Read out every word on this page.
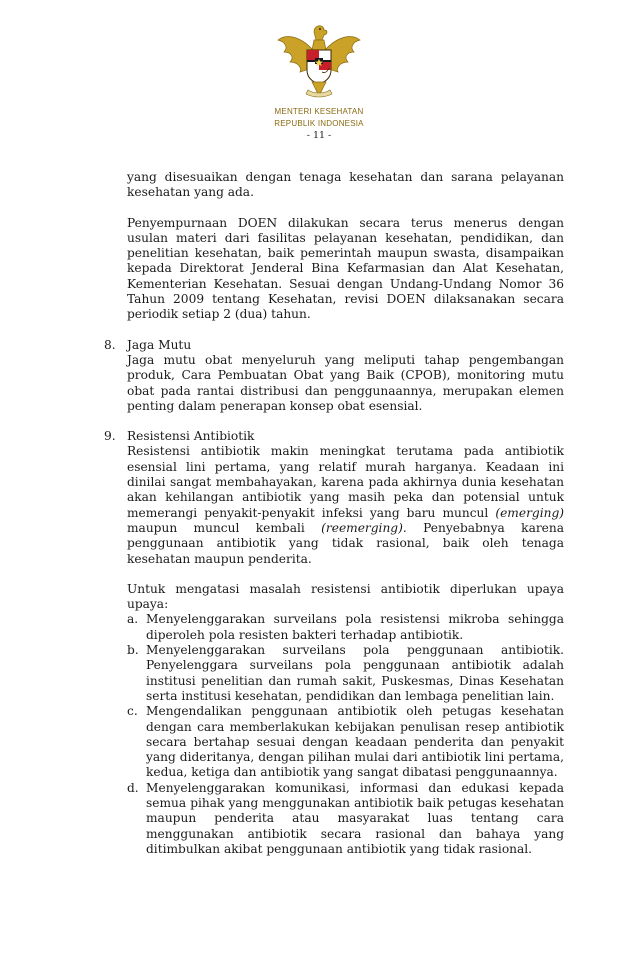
MENTERI KESEHATAN
REPUBLIK INDONESIA
- 11 -

yang disesuaikan dengan tenaga kesehatan dan sarana pelayanan kesehatan yang ada.

Penyempurnaan DOEN dilakukan secara terus menerus dengan usulan materi dari fasilitas pelayanan kesehatan, pendidikan, dan penelitian kesehatan, baik pemerintah maupun swasta, disampaikan kepada Direktorat Jenderal Bina Kefarmasian dan Alat Kesehatan, Kementerian Kesehatan. Sesuai dengan Undang-Undang Nomor 36 Tahun 2009 tentang Kesehatan, revisi DOEN dilaksanakan secara periodik setiap 2 (dua) tahun.

8. Jaga Mutu

Jaga mutu obat menyeluruh yang meliputi tahap pengembangan produk, Cara Pembuatan Obat yang Baik (CPOB), monitoring mutu obat pada rantai distribusi dan penggunaannya, merupakan elemen penting dalam penerapan konsep obat esensial.

9. Resistensi Antibiotik

Resistensi antibiotik makin meningkat terutama pada antibiotik esensial lini pertama, yang relatif murah harganya. Keadaan ini dinilai sangat membahayakan, karena pada akhirnya dunia kesehatan akan kehilangan antibiotik yang masih peka dan potensial untuk memerangi penyakit-penyakit infeksi yang baru muncul (emerging) maupun muncul kembali (reemerging). Penyebabnya karena penggunaan antibiotik yang tidak rasional, baik oleh tenaga kesehatan maupun penderita.

Untuk mengatasi masalah resistensi antibiotik diperlukan upaya upaya:

a. Menyelenggarakan surveilans pola resistensi mikroba sehingga diperoleh pola resisten bakteri terhadap antibiotik.

b. Menyelenggarakan surveilans pola penggunaan antibiotik. Penyelenggara surveilans pola penggunaan antibiotik adalah institusi penelitian dan rumah sakit, Puskesmas, Dinas Kesehatan serta institusi kesehatan, pendidikan dan lembaga penelitian lain.

c. Mengendalikan penggunaan antibiotik oleh petugas kesehatan dengan cara memberlakukan kebijakan penulisan resep antibiotik secara bertahap sesuai dengan keadaan penderita dan penyakit yang dideritanya, dengan pilihan mulai dari antibiotik lini pertama, kedua, ketiga dan antibiotik yang sangat dibatasi penggunaannya.

d. Menyelenggarakan komunikasi, informasi dan edukasi kepada semua pihak yang menggunakan antibiotik baik petugas kesehatan maupun penderita atau masyarakat luas tentang cara menggunakan antibiotik secara rasional dan bahaya yang ditimbulkan akibat penggunaan antibiotik yang tidak rasional.
